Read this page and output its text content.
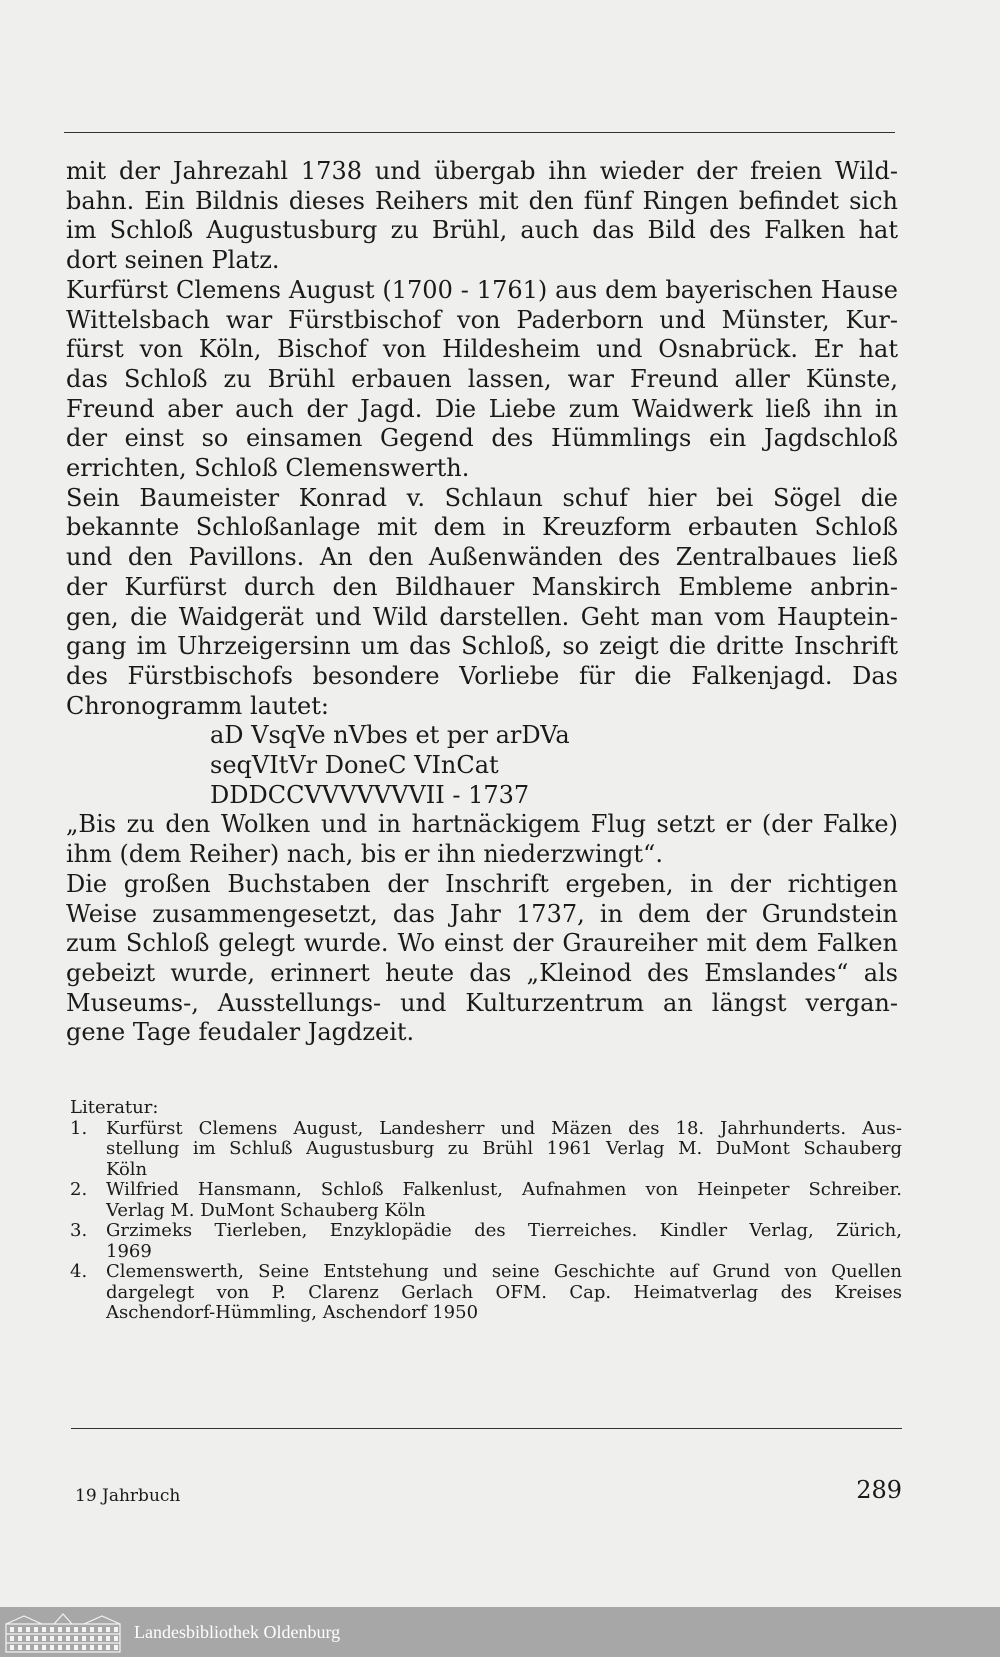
mit der Jahrezahl 1738 und übergab ihn wieder der freien Wild-
bahn. Ein Bildnis dieses Reihers mit den fünf Ringen befindet sich
im Schloß Augustusburg zu Brühl, auch das Bild des Falken hat
dort seinen Platz.
Kurfürst Clemens August (1700 - 1761) aus dem bayerischen Hause
Wittelsbach war Fürstbischof von Paderborn und Münster, Kur-
fürst von Köln, Bischof von Hildesheim und Osnabrück. Er hat
das Schloß zu Brühl erbauen lassen, war Freund aller Künste,
Freund aber auch der Jagd. Die Liebe zum Waidwerk ließ ihn in
der einst so einsamen Gegend des Hümmlings ein Jagdschloß
errichten, Schloß Clemenswerth.
Sein Baumeister Konrad v. Schlaun schuf hier bei Sögel die
bekannte Schloßanlage mit dem in Kreuzform erbauten Schloß
und den Pavillons. An den Außenwänden des Zentralbaues ließ
der Kurfürst durch den Bildhauer Manskirch Embleme anbrin-
gen, die Waidgerät und Wild darstellen. Geht man vom Hauptein-
gang im Uhrzeigersinn um das Schloß, so zeigt die dritte Inschrift
des Fürstbischofs besondere Vorliebe für die Falkenjagd. Das
Chronogramm lautet:
aD VsqVe nVbes et per arDVa
seqVItVr DoneC VInCat
DDDCCVVVVVVVII - 1737
„Bis zu den Wolken und in hartnäckigem Flug setzt er (der Falke)
ihm (dem Reiher) nach, bis er ihn niederzwingt“.
Die großen Buchstaben der Inschrift ergeben, in der richtigen
Weise zusammengesetzt, das Jahr 1737, in dem der Grundstein
zum Schloß gelegt wurde. Wo einst der Graureiher mit dem Falken
gebeizt wurde, erinnert heute das „Kleinod des Emslandes“ als
Museums-, Ausstellungs- und Kulturzentrum an längst vergan-
gene Tage feudaler Jagdzeit.
Literatur:
1. Kurfürst Clemens August, Landesherr und Mäzen des 18. Jahrhunderts. Aus-
stellung im Schluß Augustusburg zu Brühl 1961 Verlag M. DuMont Schauberg
Köln
2. Wilfried Hansmann, Schloß Falkenlust, Aufnahmen von Heinpeter Schreiber.
Verlag M. DuMont Schauberg Köln
3. Grzimeks Tierleben, Enzyklopädie des Tierreiches. Kindler Verlag, Zürich,
1969
4. Clemenswerth, Seine Entstehung und seine Geschichte auf Grund von Quellen
dargelegt von P. Clarenz Gerlach OFM. Cap. Heimatverlag des Kreises
Aschendorf-Hümmling, Aschendorf 1950
19 Jahrbuch	289
Landesbibliothek Oldenburg
